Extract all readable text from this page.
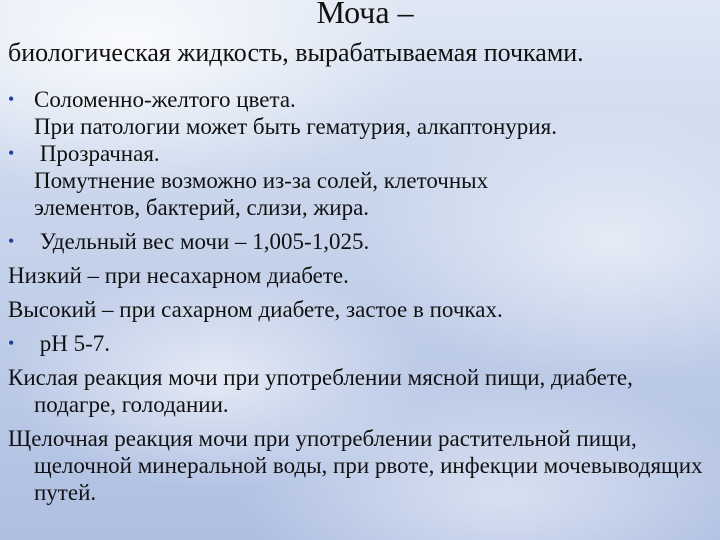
Моча –
биологическая жидкость, вырабатываемая почками.
• Соломенно-желтого цвета.
При патологии может быть гематурия, алкаптонурия.
• Прозрачная.
Помутнение возможно из-за солей, клеточных
элементов, бактерий, слизи, жира.
• Удельный вес мочи – 1,005-1,025.
Низкий – при несахарном диабете.
Высокий – при сахарном диабете, застое в почках.
• pH 5-7.
Кислая реакция мочи при употреблении мясной пищи, диабете, подагре, голодании.
Щелочная реакция мочи при употреблении растительной пищи, щелочной минеральной воды, при рвоте, инфекции мочевыводящих путей.
